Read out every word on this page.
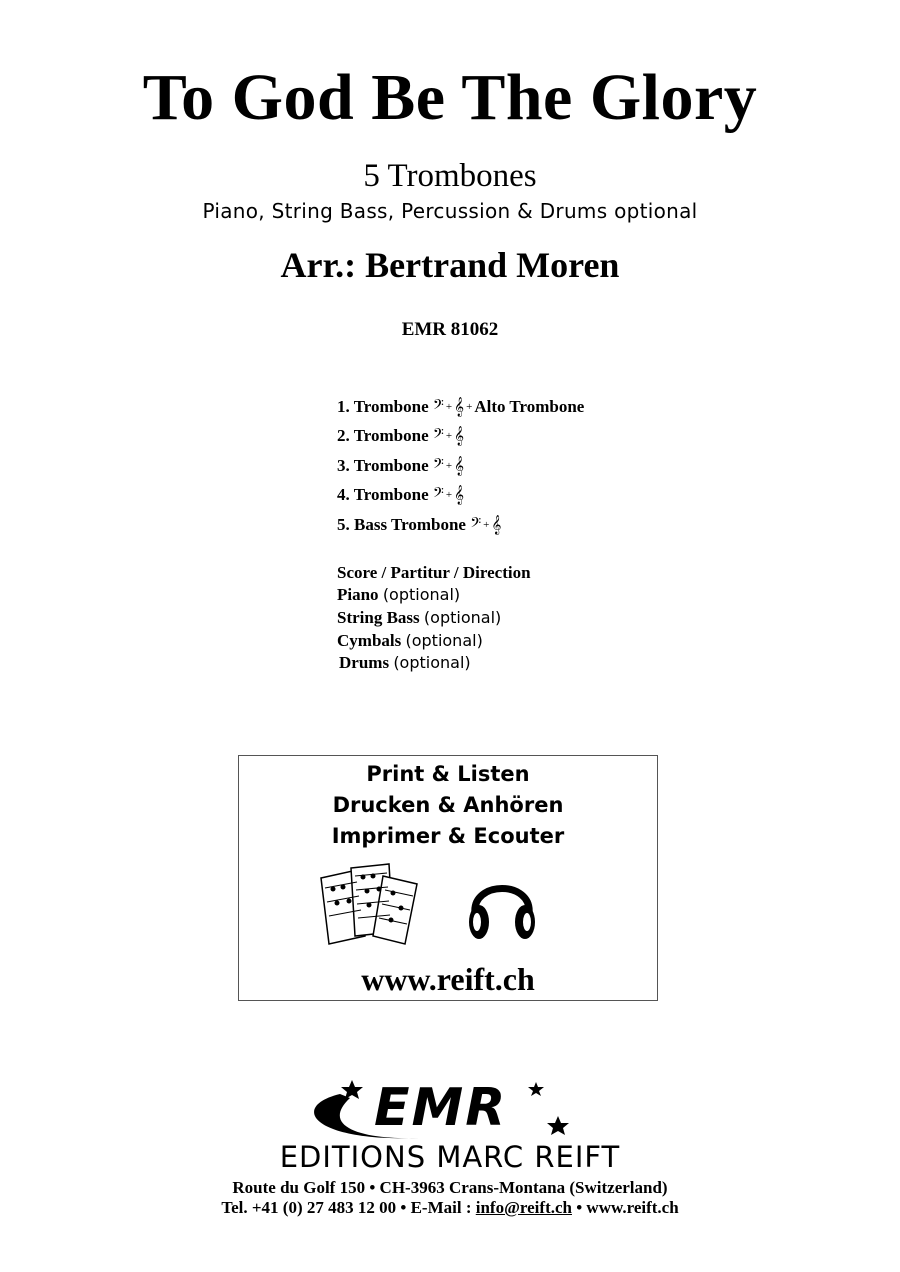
To God Be The Glory
5 Trombones
Piano, String Bass, Percussion & Drums optional
Arr.: Bertrand Moren
EMR 81062
1. Trombone 𝄢 + 𝄞 + Alto Trombone
2. Trombone 𝄢 + 𝄞
3. Trombone 𝄢 + 𝄞
4. Trombone 𝄢 + 𝄞
5. Bass Trombone 𝄢 + 𝄞
Score / Partitur / Direction
Piano (optional)
String Bass (optional)
Cymbals (optional)
Drums (optional)
Print & Listen
Drucken & Anhören
Imprimer & Ecouter
www.reift.ch
EMR
EDITIONS MARC REIFT
Route du Golf 150 • CH-3963 Crans-Montana (Switzerland)
Tel. +41 (0) 27 483 12 00 • E-Mail : info@reift.ch • www.reift.ch
